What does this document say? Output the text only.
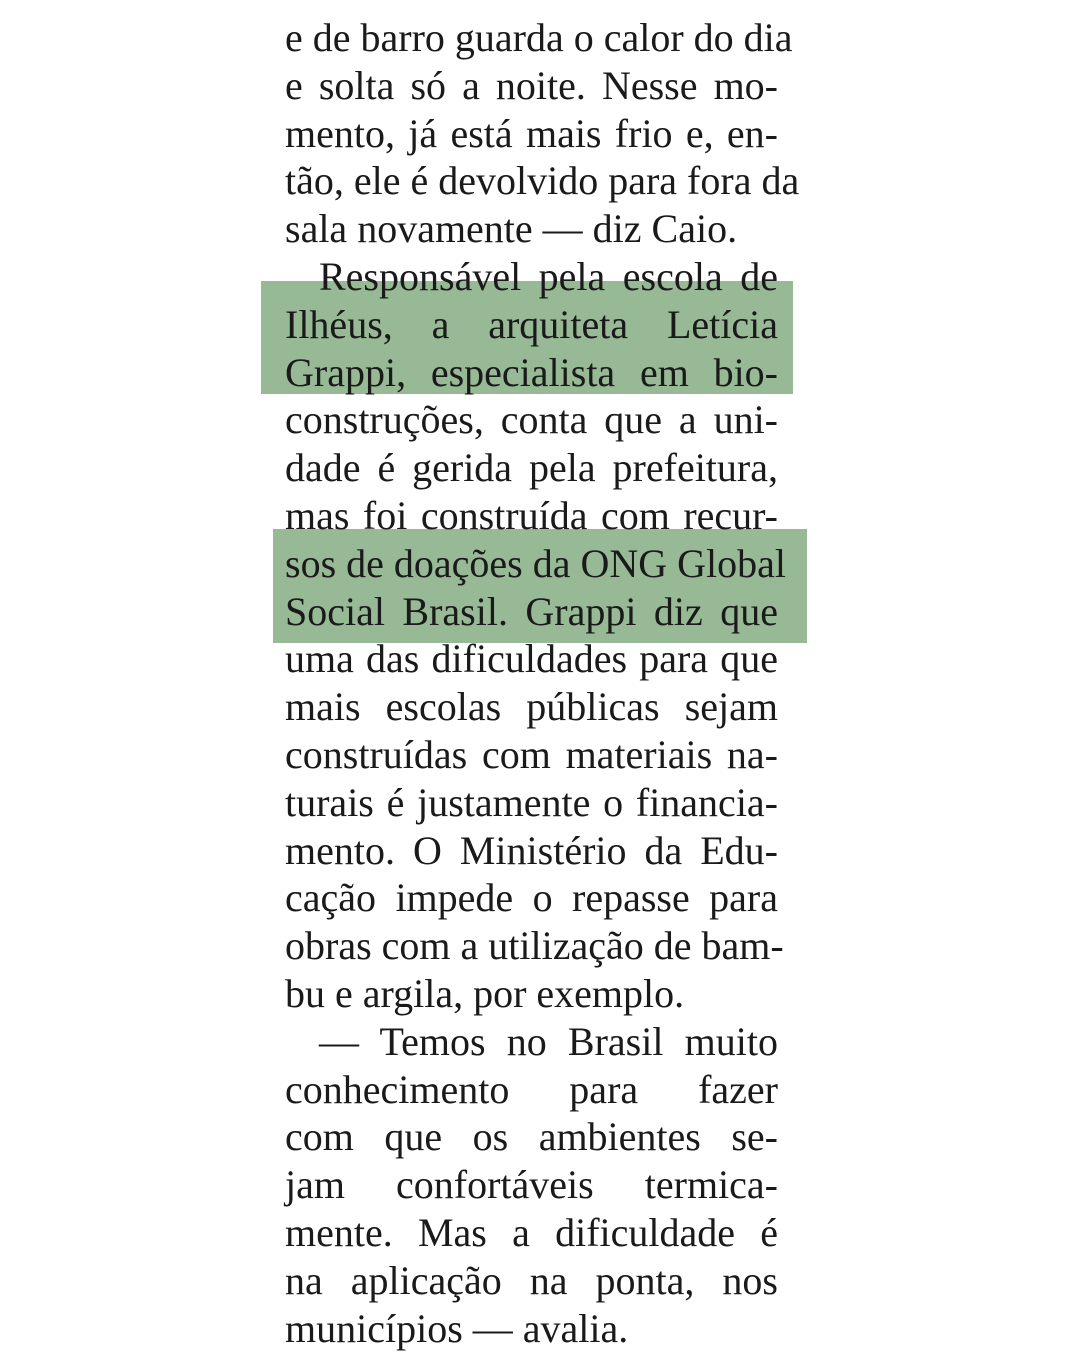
e de barro guarda o calor do dia
e solta só a noite. Nesse mo-
mento, já está mais frio e, en-
tão, ele é devolvido para fora da
sala novamente — diz Caio.
Responsável pela escola de
Ilhéus, a arquiteta Letícia
Grappi, especialista em bio-
construções, conta que a uni-
dade é gerida pela prefeitura,
mas foi construída com recur-
sos de doações da ONG Global
Social Brasil. Grappi diz que
uma das dificuldades para que
mais escolas públicas sejam
construídas com materiais na-
turais é justamente o financia-
mento. O Ministério da Edu-
cação impede o repasse para
obras com a utilização de bam-
bu e argila, por exemplo.
— Temos no Brasil muito
conhecimento para fazer
com que os ambientes se-
jam confortáveis termica-
mente. Mas a dificuldade é
na aplicação na ponta, nos
municípios — avalia.
